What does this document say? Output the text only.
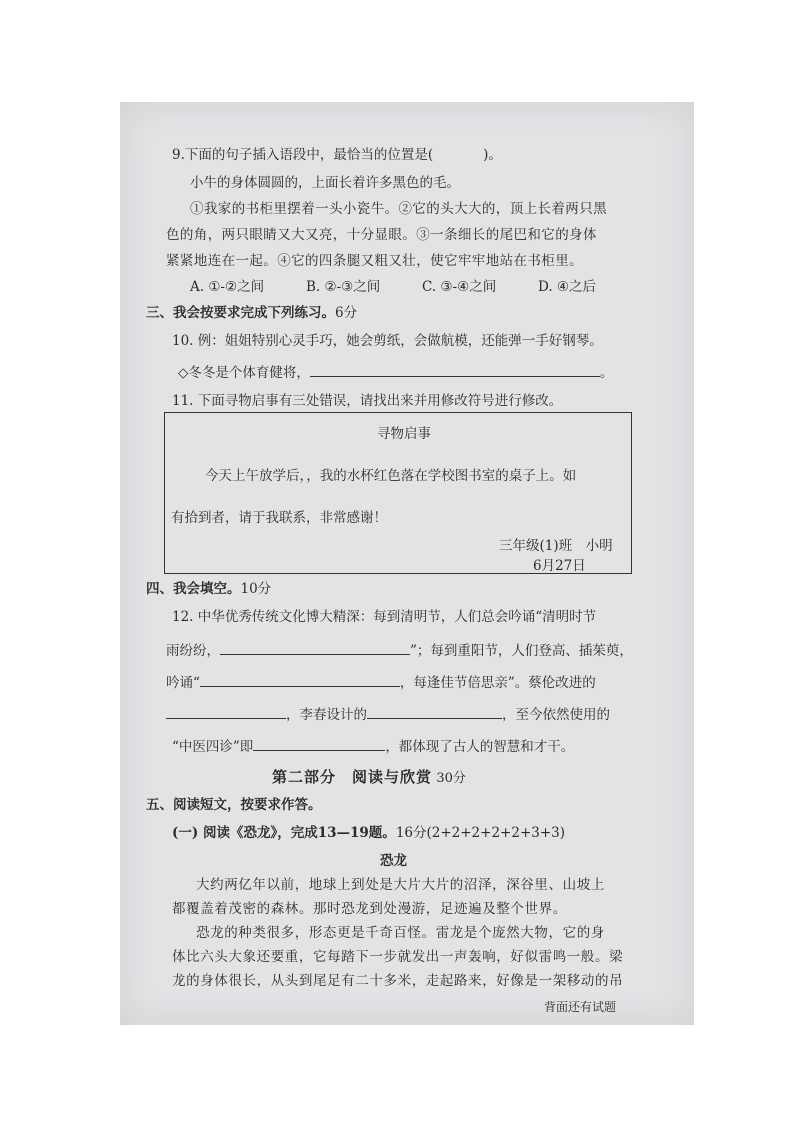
9.下面的句子插入语段中，最恰当的位置是(	)。
小牛的身体圆圆的，上面长着许多黑色的毛。
①我家的书柜里摆着一头小瓷牛。②它的头大大的，顶上长着两只黑
色的角，两只眼睛又大又亮，十分显眼。③一条细长的尾巴和它的身体
紧紧地连在一起。④它的四条腿又粗又壮，使它牢牢地站在书柜里。
A. ①-②之间	B. ②-③之间	C. ③-④之间	D. ④之后
三、我会按要求完成下列练习。6分
10. 例：姐姐特别心灵手巧，她会剪纸，会做航模，还能弹一手好钢琴。
◇冬冬是个体育健将，	。
11. 下面寻物启事有三处错误，请找出来并用修改符号进行修改。
寻物启事
今天上午放学后，，我的水杯红色落在学校图书室的桌子上。如
有拾到者，请于我联系，非常感谢！
三年级(1)班　小明
6月27日
四、我会填空。10分
12. 中华优秀传统文化博大精深：每到清明节，人们总会吟诵“清明时节
雨纷纷，	”；每到重阳节，人们登高、插茱萸，
吟诵“	，每逢佳节倍思亲”。蔡伦改进的
，李春设计的	，至今依然使用的
“中医四诊”即	，都体现了古人的智慧和才干。
第二部分　阅读与欣赏 30分
五、阅读短文，按要求作答。
(一) 阅读《恐龙》，完成13—19题。16分(2+2+2+2+2+3+3)
恐龙
大约两亿年以前，地球上到处是大片大片的沼泽，深谷里、山坡上
都覆盖着茂密的森林。那时恐龙到处漫游，足迹遍及整个世界。
恐龙的种类很多，形态更是千奇百怪。雷龙是个庞然大物，它的身
体比六头大象还要重，它每踏下一步就发出一声轰响，好似雷鸣一般。梁
龙的身体很长，从头到尾足有二十多米，走起路来，好像是一架移动的吊
背面还有试题
